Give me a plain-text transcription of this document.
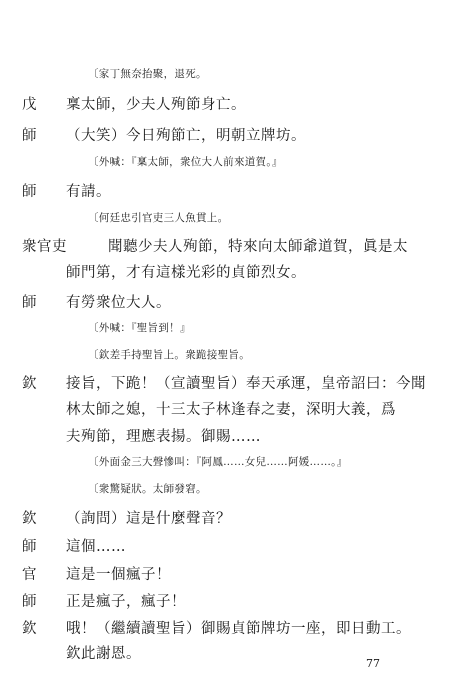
〔家丁無奈抬聚，退死。
戊 稟太師，少夫人殉節身亡。
師 （大笑）今日殉節亡，明朝立牌坊。
〔外喊：『稟太師，衆位大人前來道賀。』
師 有請。
〔何廷忠引官吏三人魚貫上。
衆官吏	聞聽少夫人殉節，特來向太師爺道賀，眞是太
師門第，才有這樣光彩的貞節烈女。
師 有勞衆位大人。
〔外喊：『聖旨到！』
〔欽差手持聖旨上。衆跪接聖旨。
欽 接旨，下跪！（宣讀聖旨）奉天承運，皇帝詔曰：今聞
林太師之媳，十三太子林逢春之妻，深明大義，爲
夫殉節，理應表揚。御賜……
〔外面金三大聲慘叫：『阿鳳……女兒……阿媛……。』
〔衆驚疑狀。太師發窘。
欽 （詢問）這是什麼聲音？
師 這個……
官 這是一個瘋子！
師 正是瘋子，瘋子！
欽 哦！（繼續讀聖旨）御賜貞節牌坊一座，即日動工。
欽此謝恩。
77
